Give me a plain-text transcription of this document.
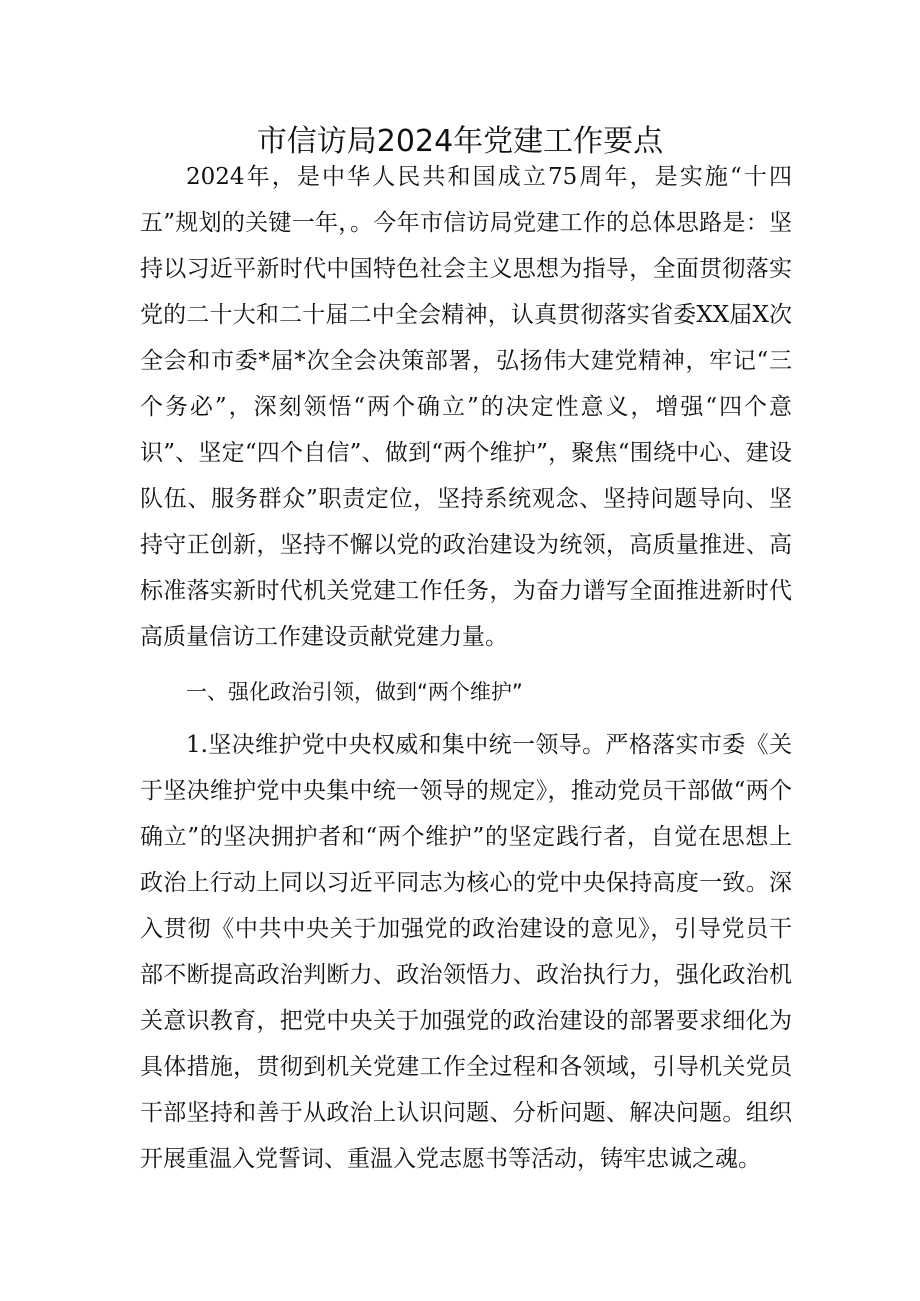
市信访局2024年党建工作要点

2024年，是中华人民共和国成立75周年，是实施“十四五”规划的关键一年，。今年市信访局党建工作的总体思路是：坚持以习近平新时代中国特色社会主义思想为指导，全面贯彻落实党的二十大和二十届二中全会精神，认真贯彻落实省委XX届X次全会和市委*届*次全会决策部署，弘扬伟大建党精神，牢记“三个务必”，深刻领悟“两个确立”的决定性意义，增强“四个意识”、坚定“四个自信”、做到“两个维护”，聚焦“围绕中心、建设队伍、服务群众”职责定位，坚持系统观念、坚持问题导向、坚持守正创新，坚持不懈以党的政治建设为统领，高质量推进、高标准落实新时代机关党建工作任务，为奋力谱写全面推进新时代高质量信访工作建设贡献党建力量。

一、强化政治引领，做到“两个维护”

1.坚决维护党中央权威和集中统一领导。严格落实市委《关于坚决维护党中央集中统一领导的规定》，推动党员干部做“两个确立”的坚决拥护者和“两个维护”的坚定践行者，自觉在思想上政治上行动上同以习近平同志为核心的党中央保持高度一致。深入贯彻《中共中央关于加强党的政治建设的意见》，引导党员干部不断提高政治判断力、政治领悟力、政治执行力，强化政治机关意识教育，把党中央关于加强党的政治建设的部署要求细化为具体措施，贯彻到机关党建工作全过程和各领域，引导机关党员干部坚持和善于从政治上认识问题、分析问题、解决问题。组织开展重温入党誓词、重温入党志愿书等活动，铸牢忠诚之魂。
